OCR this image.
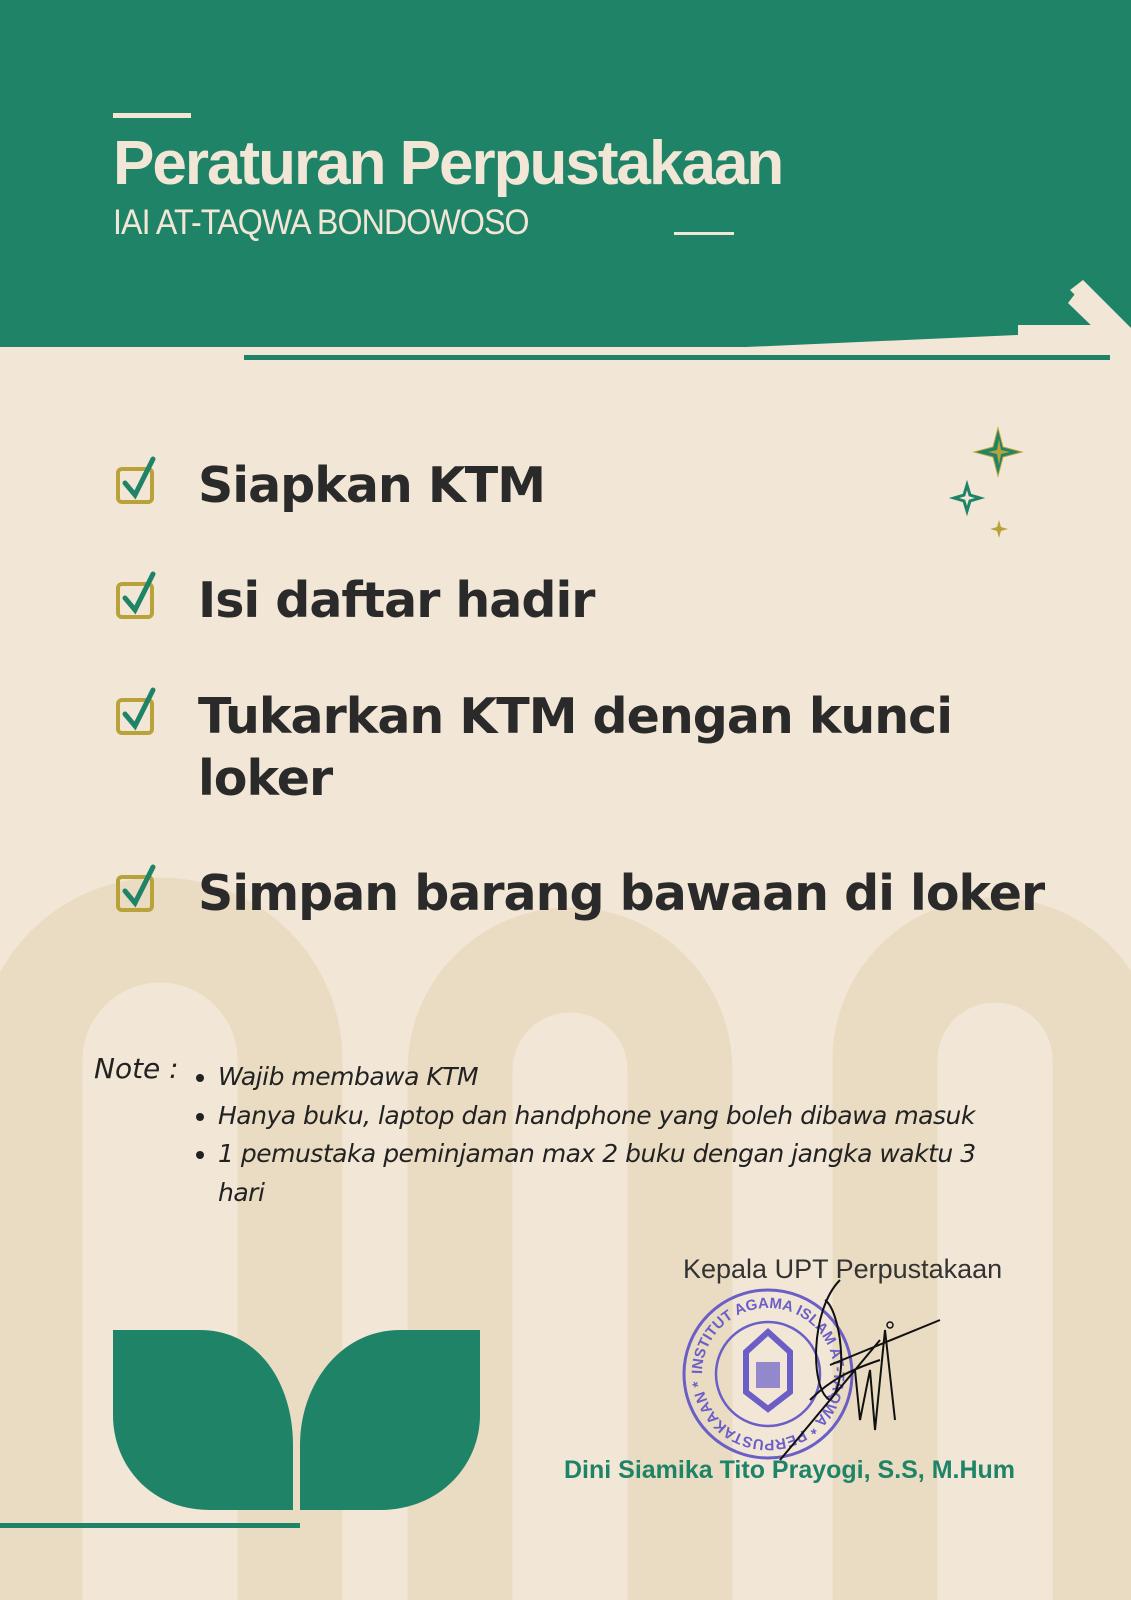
Peraturan Perpustakaan
IAI AT-TAQWA BONDOWOSO
Siapkan KTM
Isi daftar hadir
Tukarkan KTM dengan kunci loker
Simpan barang bawaan di loker
Note : • Wajib membawa KTM
• Hanya buku, laptop dan handphone yang boleh dibawa masuk
• 1 pemustaka peminjaman max 2 buku dengan jangka waktu 3 hari
Kepala UPT Perpustakaan
INSTITUT AGAMA ISLAM AT-TAQWA * PERPUSTAKAAN *
Dini Siamika Tito Prayogi, S.S, M.Hum
